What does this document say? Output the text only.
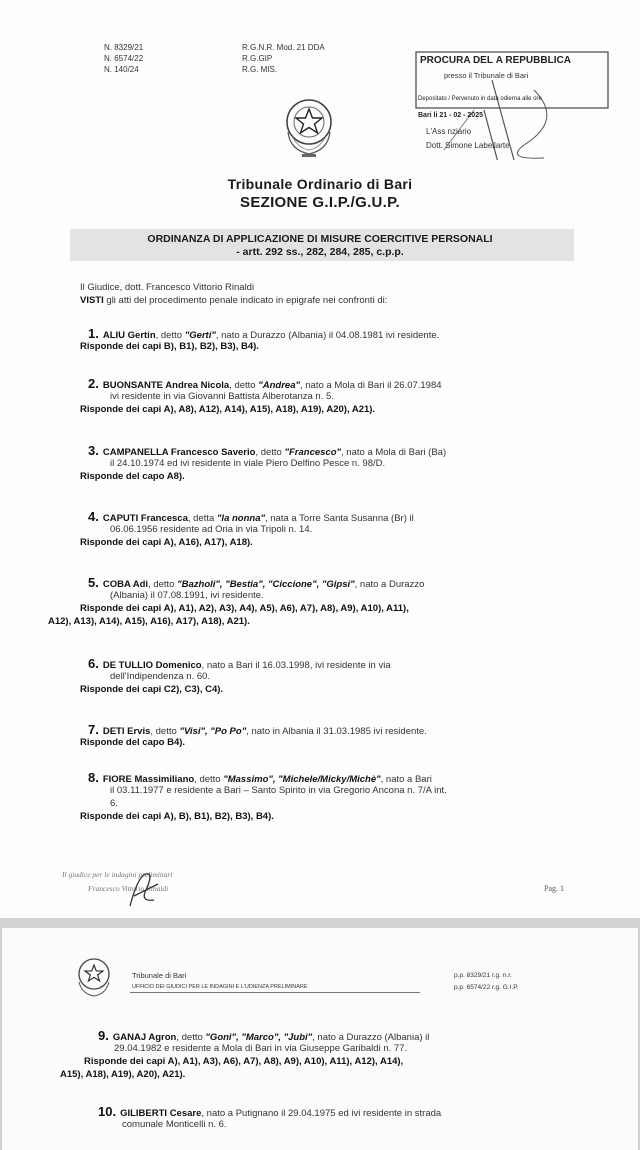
N. 8329/21
N. 6574/22
N. 140/24
R.G.N.R. Mod. 21 DDA
R.G.GIP
R.G. MIS.
PROCURA DEL A REPUBBLICA
presso il Tribunale di Bari
Depositato / Pervenuto in data odierna alle ore
Bari li 21 - 02 - 2025
L'Ass nziario
Dott. Simone Labellarte
Tribunale Ordinario di Bari
SEZIONE G.I.P./G.U.P.
ORDINANZA DI APPLICAZIONE DI MISURE COERCITIVE PERSONALI
- artt. 292 ss., 282, 284, 285, c.p.p.
Il Giudice, dott. Francesco Vittorio Rinaldi
VISTI gli atti del procedimento penale indicato in epigrafe nei confronti di:
1. ALIU Gertin, detto "Gerti", nato a Durazzo (Albania) il 04.08.1981 ivi residente.
Risponde dei capi B), B1), B2), B3), B4).
2. BUONSANTE Andrea Nicola, detto "Andrea", nato a Mola di Bari il 26.07.1984
ivi residente in via Giovanni Battista Alberotanza n. 5.
Risponde dei capi A), A8), A12), A14), A15), A18), A19), A20), A21).
3. CAMPANELLA Francesco Saverio, detto "Francesco", nato a Mola di Bari (Ba)
il 24.10.1974 ed ivi residente in viale Piero Delfino Pesce n. 98/D.
Risponde del capo A8).
4. CAPUTI Francesca, detta "la nonna", nata a Torre Santa Susanna (Br) il
06.06.1956 residente ad Oria in via Tripoli n. 14.
Risponde dei capi A), A16), A17), A18).
5. COBA Adi, detto "Bazholi", "Bestia", "Ciccione", "Gipsi", nato a Durazzo
(Albania) il 07.08.1991, ivi residente.
Risponde dei capi A), A1), A2), A3), A4), A5), A6), A7), A8), A9), A10), A11),
A12), A13), A14), A15), A16), A17), A18), A21).
6. DE TULLIO Domenico, nato a Bari il 16.03.1998, ivi residente in via
dell'Indipendenza n. 60.
Risponde dei capi C2), C3), C4).
7. DETI Ervis, detto "Visi", "Po Po", nato in Albania il 31.03.1985 ivi residente.
Risponde del capo B4).
8. FIORE Massimiliano, detto "Massimo", "Michele/Micky/Michè", nato a Bari
il 03.11.1977 e residente a Bari – Santo Spirito in via Gregorio Ancona n. 7/A int.
6.
Risponde dei capi A), B), B1), B2), B3), B4).
Il giudice per le indagini preliminari
Francesco Vittorio Rinaldi	Pag. 1
Tribunale di Bari
UFFICIO DEI GIUDICI PER LE INDAGINI E L'UDIENZA PRELIMINARE
p.p. 8329/21 r.g. n.r.
p.p. 6574/22 r.g. G.I.P.
9. GANAJ Agron, detto "Goni", "Marco", "Jubi", nato a Durazzo (Albania) il
29.04.1982 e residente a Mola di Bari in via Giuseppe Garibaldi n. 77.
Risponde dei capi A), A1), A3), A6), A7), A8), A9), A10), A11), A12), A14),
A15), A18), A19), A20), A21).
10. GILIBERTI Cesare, nato a Putignano il 29.04.1975 ed ivi residente in strada
comunale Monticelli n. 6.
